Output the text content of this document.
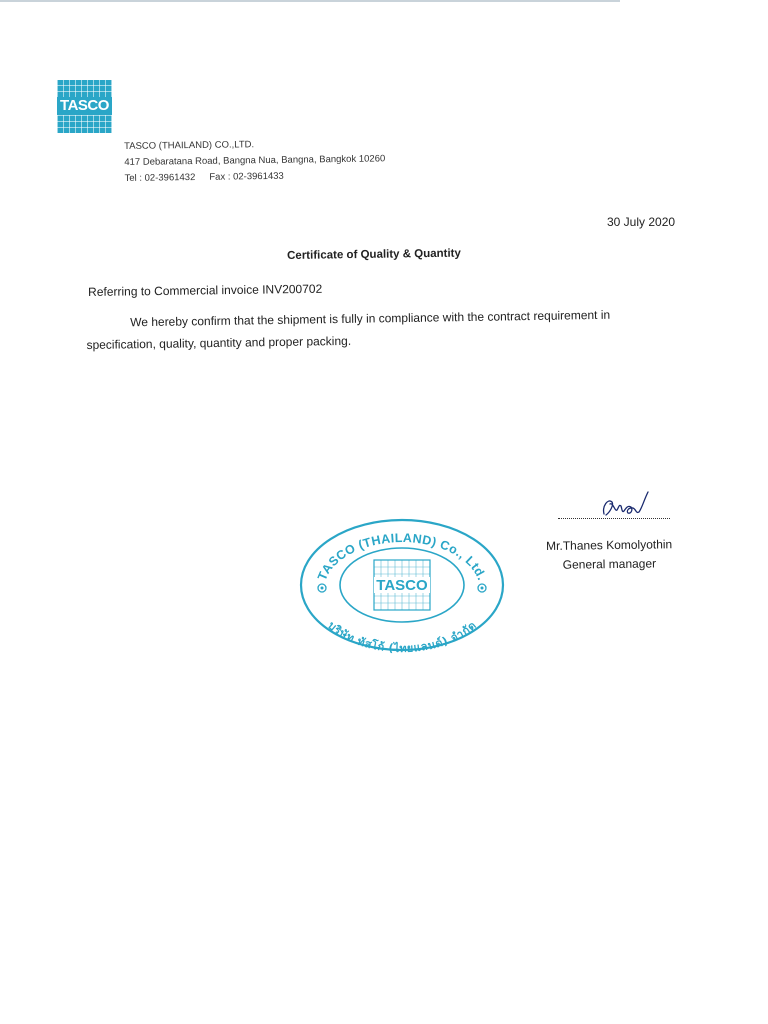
TASCO
TASCO (THAILAND) CO.,LTD.
417 Debaratana Road, Bangna Nua, Bangna, Bangkok 10260
Tel : 02-3961432 Fax : 02-3961433
30 July 2020
Certificate of Quality & Quantity
Referring to Commercial invoice INV200702
We hereby confirm that the shipment is fully in compliance with the contract requirement in
specification, quality, quantity and proper packing.
Mr.Thanes Komolyothin
General manager
TASCO (THAILAND) Co., Ltd.
บริษัท ทัสโก้ (ไทยแลนด์) จำกัด
TASCO
